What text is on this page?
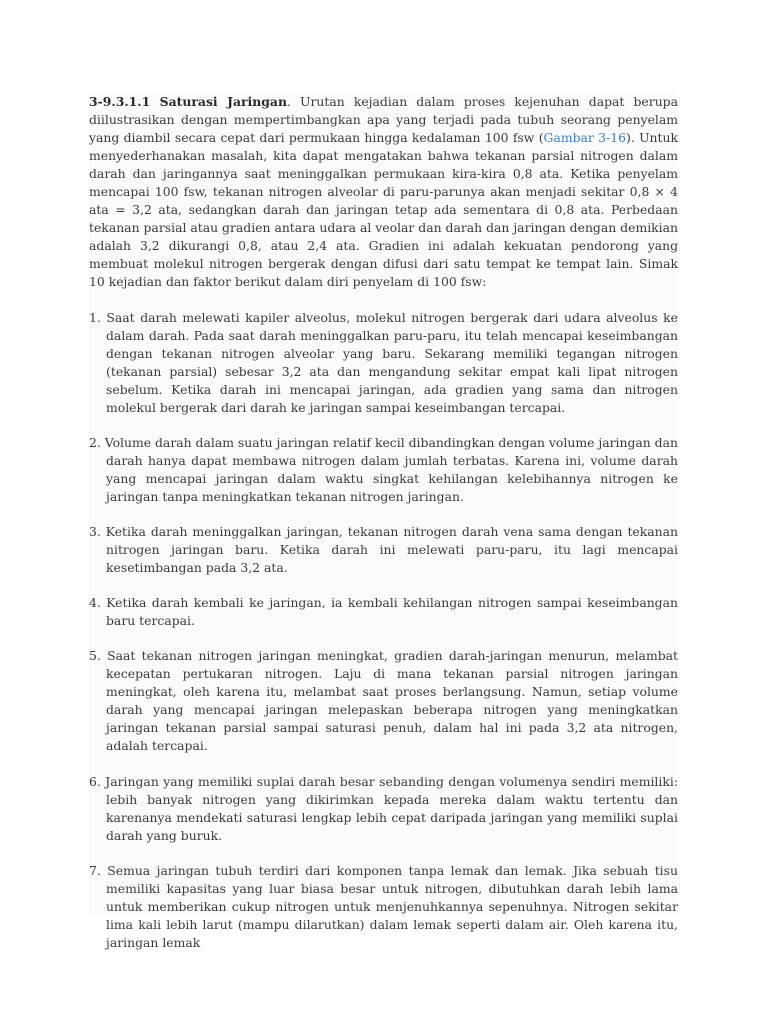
3-9.3.1.1 Saturasi Jaringan. Urutan kejadian dalam proses kejenuhan dapat berupa diilustrasikan dengan mempertimbangkan apa yang terjadi pada tubuh seorang penyelam yang diambil secara cepat dari permukaan hingga kedalaman 100 fsw (Gambar 3-16). Untuk menyederhanakan masalah, kita dapat mengatakan bahwa tekanan parsial nitrogen dalam darah dan jaringannya saat meninggalkan permukaan kira-kira 0,8 ata. Ketika penyelam mencapai 100 fsw, tekanan nitrogen alveolar di paru-parunya akan menjadi sekitar 0,8 × 4 ata = 3,2 ata, sedangkan darah dan jaringan tetap ada sementara di 0,8 ata. Perbedaan tekanan parsial atau gradien antara udara al veolar dan darah dan jaringan dengan demikian adalah 3,2 dikurangi 0,8, atau 2,4 ata. Gradien ini adalah kekuatan pendorong yang membuat molekul nitrogen bergerak dengan difusi dari satu tempat ke tempat lain. Simak 10 kejadian dan faktor berikut dalam diri penyelam di 100 fsw:

1. Saat darah melewati kapiler alveolus, molekul nitrogen bergerak dari udara alveolus ke dalam darah. Pada saat darah meninggalkan paru-paru, itu telah mencapai keseimbangan dengan tekanan nitrogen alveolar yang baru. Sekarang memiliki tegangan nitrogen (tekanan parsial) sebesar 3,2 ata dan mengandung sekitar empat kali lipat nitrogen sebelum. Ketika darah ini mencapai jaringan, ada gradien yang sama dan nitrogen molekul bergerak dari darah ke jaringan sampai keseimbangan tercapai.

2. Volume darah dalam suatu jaringan relatif kecil dibandingkan dengan volume jaringan dan darah hanya dapat membawa nitrogen dalam jumlah terbatas. Karena ini, volume darah yang mencapai jaringan dalam waktu singkat kehilangan kelebihannya nitrogen ke jaringan tanpa meningkatkan tekanan nitrogen jaringan.

3. Ketika darah meninggalkan jaringan, tekanan nitrogen darah vena sama dengan tekanan nitrogen jaringan baru. Ketika darah ini melewati paru-paru, itu lagi mencapai kesetimbangan pada 3,2 ata.

4. Ketika darah kembali ke jaringan, ia kembali kehilangan nitrogen sampai keseimbangan baru tercapai.

5. Saat tekanan nitrogen jaringan meningkat, gradien darah-jaringan menurun, melambat kecepatan pertukaran nitrogen. Laju di mana tekanan parsial nitrogen jaringan meningkat, oleh karena itu, melambat saat proses berlangsung. Namun, setiap volume darah yang mencapai jaringan melepaskan beberapa nitrogen yang meningkatkan jaringan tekanan parsial sampai saturasi penuh, dalam hal ini pada 3,2 ata nitrogen, adalah tercapai.

6. Jaringan yang memiliki suplai darah besar sebanding dengan volumenya sendiri memiliki: lebih banyak nitrogen yang dikirimkan kepada mereka dalam waktu tertentu dan karenanya mendekati saturasi lengkap lebih cepat daripada jaringan yang memiliki suplai darah yang buruk.

7. Semua jaringan tubuh terdiri dari komponen tanpa lemak dan lemak. Jika sebuah tisu memiliki kapasitas yang luar biasa besar untuk nitrogen, dibutuhkan darah lebih lama untuk memberikan cukup nitrogen untuk menjenuhkannya sepenuhnya. Nitrogen sekitar lima kali lebih larut (mampu dilarutkan) dalam lemak seperti dalam air. Oleh karena itu, jaringan lemak
